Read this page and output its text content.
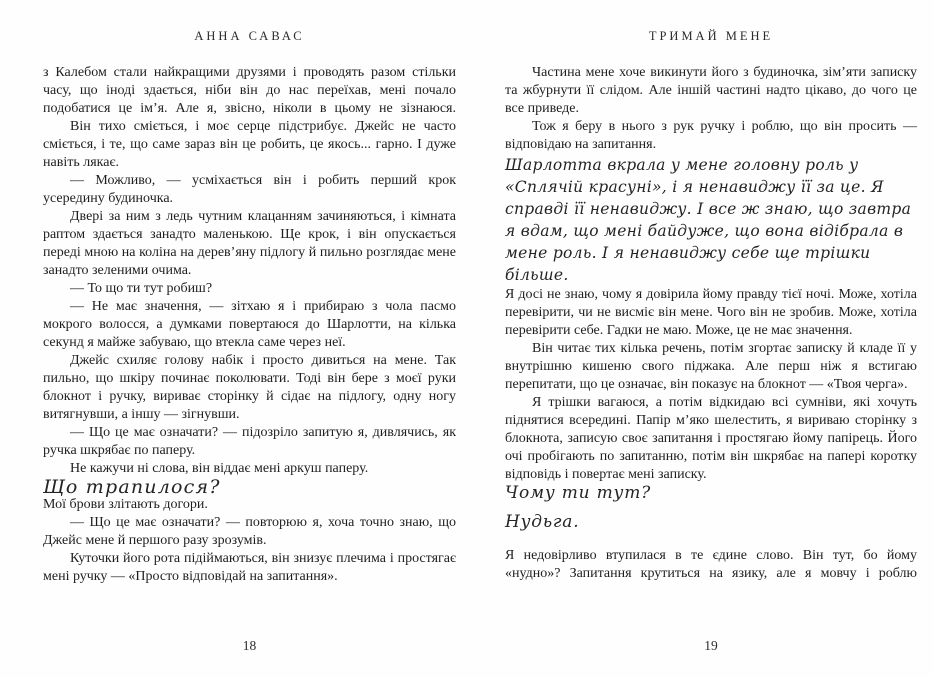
АННА САВАС

з Калебом стали найкращими друзями і проводять разом стільки часу, що іноді здається, ніби він до нас переїхав, мені почало подобатися це ім’я. Але я, звісно, ніколи в цьому не зізнаюся.

Він тихо сміється, і моє серце підстрибує. Джейс не часто сміється, і те, що саме зараз він це робить, це якось... гарно. І дуже навіть лякає.

— Можливо, — усміхається він і робить перший крок усередину будиночка.

Двері за ним з ледь чутним клацанням зачиняються, і кімната раптом здається занадто маленькою. Ще крок, і він опускається переді мною на коліна на дерев’яну підлогу й пильно розглядає мене занадто зеленими очима.

— То що ти тут робиш?

— Не має значення, — зітхаю я і прибираю з чола пасмо мокрого волосся, а думками повертаюся до Шарлотти, на кілька секунд я майже забуваю, що втекла саме через неї.

Джейс схиляє голову набік і просто дивиться на мене. Так пильно, що шкіру починає поколювати. Тоді він бере з моєї руки блокнот і ручку, вириває сторінку й сідає на підлогу, одну ногу витягнувши, а іншу — зігнувши.

— Що це має означати? — підозріло запитую я, дивлячись, як ручка шкрябає по паперу.

Не кажучи ні слова, він віддає мені аркуш паперу.

Що трапилося?

Мої брови злітають догори.

— Що це має означати? — повторюю я, хоча точно знаю, що Джейс мене й першого разу зрозумів.

Куточки його рота підіймаються, він знизує плечима і простягає мені ручку — «Просто відповідай на запитання».

18
ТРИМАЙ МЕНЕ

Частина мене хоче викинути його з будиночка, зім’яти записку та жбурнути її слідом. Але іншій частині надто цікаво, до чого це все приведе.

Тож я беру в нього з рук ручку і роблю, що він просить — відповідаю на запитання.

Шарлотта вкрала у мене головну роль у «Сплячій красуні», і я ненавиджу її за це. Я справді її ненавиджу. І все ж знаю, що завтра я вдам, що мені байдуже, що вона відібрала в мене роль. І я ненавиджу себе ще трішки більше.

Я досі не знаю, чому я довірила йому правду тієї ночі. Може, хотіла перевірити, чи не висміє він мене. Чого він не зробив. Може, хотіла перевірити себе. Гадки не маю. Може, це не має значення.

Він читає тих кілька речень, потім згортає записку й кладе її у внутрішню кишеню свого піджака. Але перш ніж я встигаю перепитати, що це означає, він показує на блокнот — «Твоя черга».

Я трішки вагаюся, а потім відкидаю всі сумніви, які хочуть піднятися всередині. Папір м’яко шелестить, я вириваю сторінку з блокнота, записую своє запитання і простягаю йому папірець. Його очі пробігають по запитанню, потім він шкрябає на папері коротку відповідь і повертає мені записку.

Чому ти тут?

Нудьга.

Я недовірливо втупилася в те єдине слово. Він тут, бо йому «нудно»? Запитання крутиться на язику, але я мовчу і роблю

19
